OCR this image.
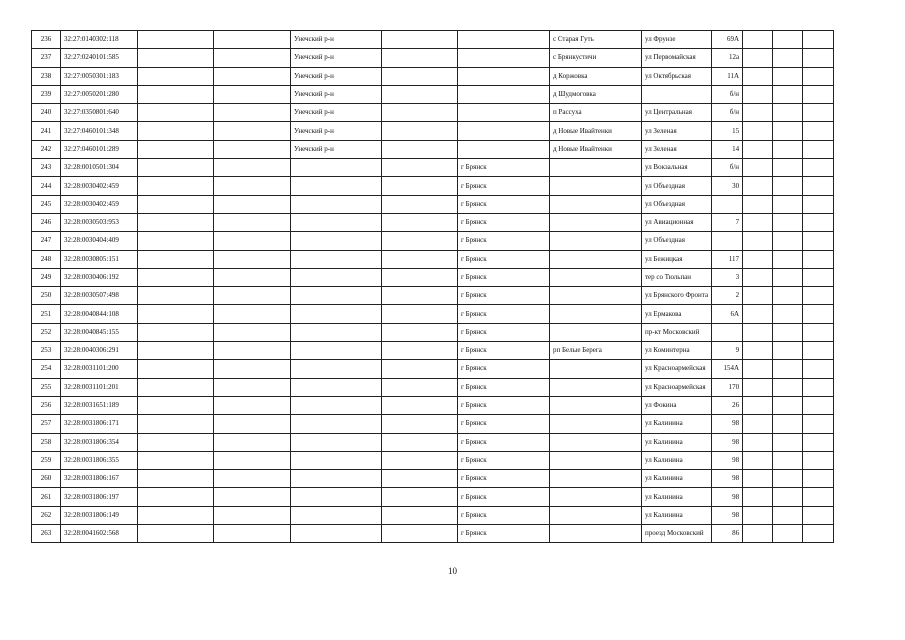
236	32:27:0140302:118			Унечский р-н			с Старая Гуть	ул Фрунзе	69А			
237	32:27:0240101:585			Унечский р-н			с Брянкустичи	ул Первомайская	12а			
238	32:27:0050301:183			Унечский р-н			д Коржовка	ул Октябрьская	11А			
239	32:27:0050201:280			Унечский р-н			д Шудмоговка		б/н			
240	32:27:0350801:640			Унечский р-н			п Рассуха	ул Центральная	б/н			
241	32:27:0460101:348			Унечский р-н			д Новые Ивайтенки	ул Зеленая	15			
242	32:27:0460101:289			Унечский р-н			д Новые Ивайтенки	ул Зеленая	14			
243	32:28:0010501:304					г Брянск		ул Вокзальная	б/н			
244	32:28:0030402:459					г Брянск		ул Объездная	30			
245	32:28:0030402:459					г Брянск		ул Объездная				
246	32:28:0030503:953					г Брянск		ул Авиационная	7			
247	32:28:0030404:409					г Брянск		ул Объездная				
248	32:28:0030805:151					г Брянск		ул Бежицкая	117			
249	32:28:0030406:192					г Брянск		тер со Тюльпан	3			
250	32:28:0030507:498					г Брянск		ул Брянского Фронта	2			
251	32:28:0040844:108					г Брянск		ул Ермакова	6А			
252	32:28:0040845:155					г Брянск		пр-кт Московский				
253	32:28:0040306:291					г Брянск	рп Белые Берега	ул Коминтерна	9			
254	32:28:0031101:200					г Брянск		ул Красноармейская	154А			
255	32:28:0031101:201					г Брянск		ул Красноармейская	170			
256	32:28:0031651:189					г Брянск		ул Фокина	26			
257	32:28:0031806:171					г Брянск		ул Калинина	98			
258	32:28:0031806:354					г Брянск		ул Калинина	98			
259	32:28:0031806:355					г Брянск		ул Калинина	98			
260	32:28:0031806:167					г Брянск		ул Калинина	98			
261	32:28:0031806:197					г Брянск		ул Калинина	98			
262	32:28:0031806:149					г Брянск		ул Калинина	98			
263	32:28:0041602:568					г Брянск		проезд Московский	86			
10
